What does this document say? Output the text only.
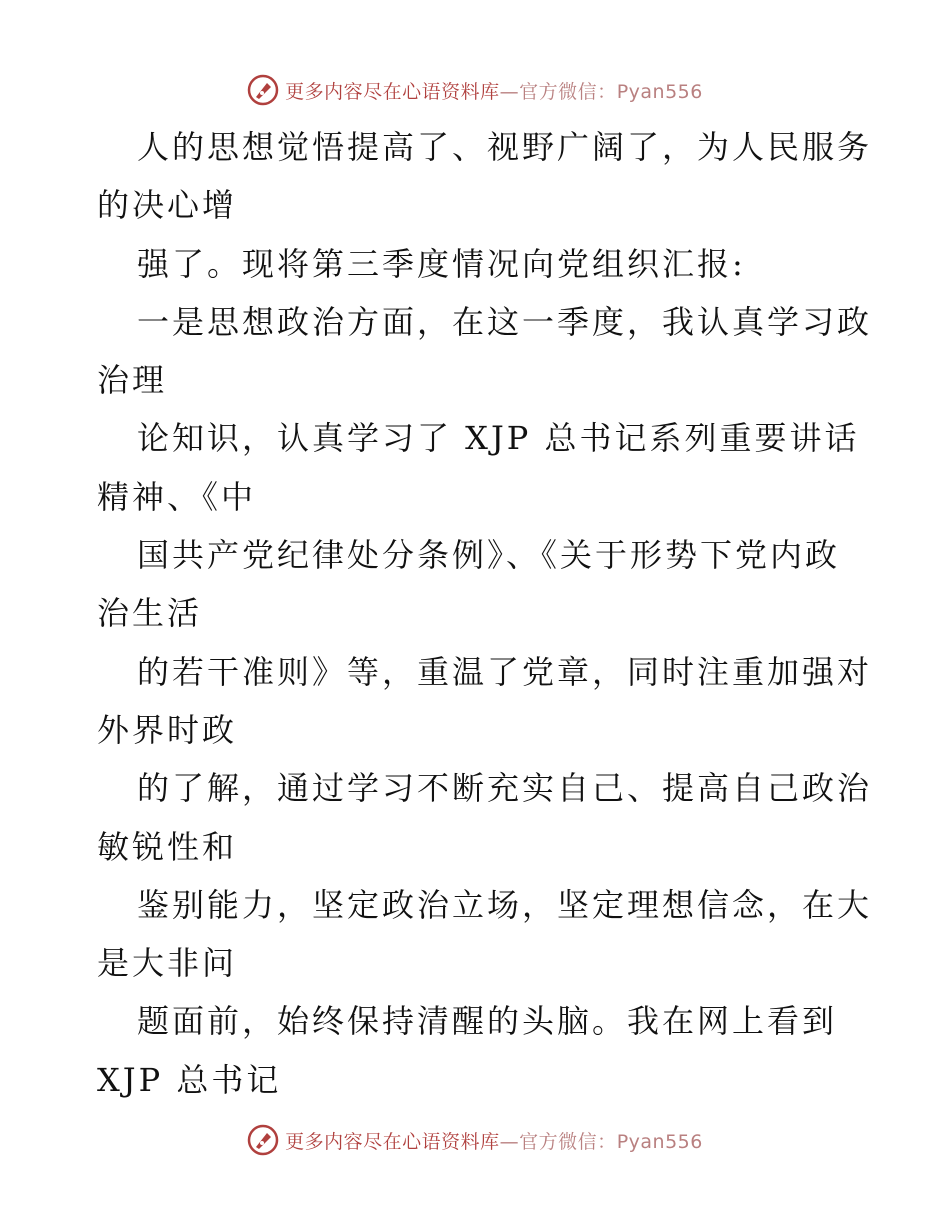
更多内容尽在心语资料库—官方微信：Pyan556
人的思想觉悟提高了、视野广阔了，为人民服务
的决心增
强了。现将第三季度情况向党组织汇报:
一是思想政治方面，在这一季度，我认真学习政
治理
论知识，认真学习了 XJP 总书记系列重要讲话
精神、《中
国共产党纪律处分条例》、《关于形势下党内政
治生活
的若干准则》等，重温了党章，同时注重加强对
外界时政
的了解，通过学习不断充实自己、提高自己政治
敏锐性和
鉴别能力，坚定政治立场，坚定理想信念，在大
是大非问
题面前，始终保持清醒的头脑。我在网上看到
XJP 总书记
更多内容尽在心语资料库—官方微信：Pyan556
